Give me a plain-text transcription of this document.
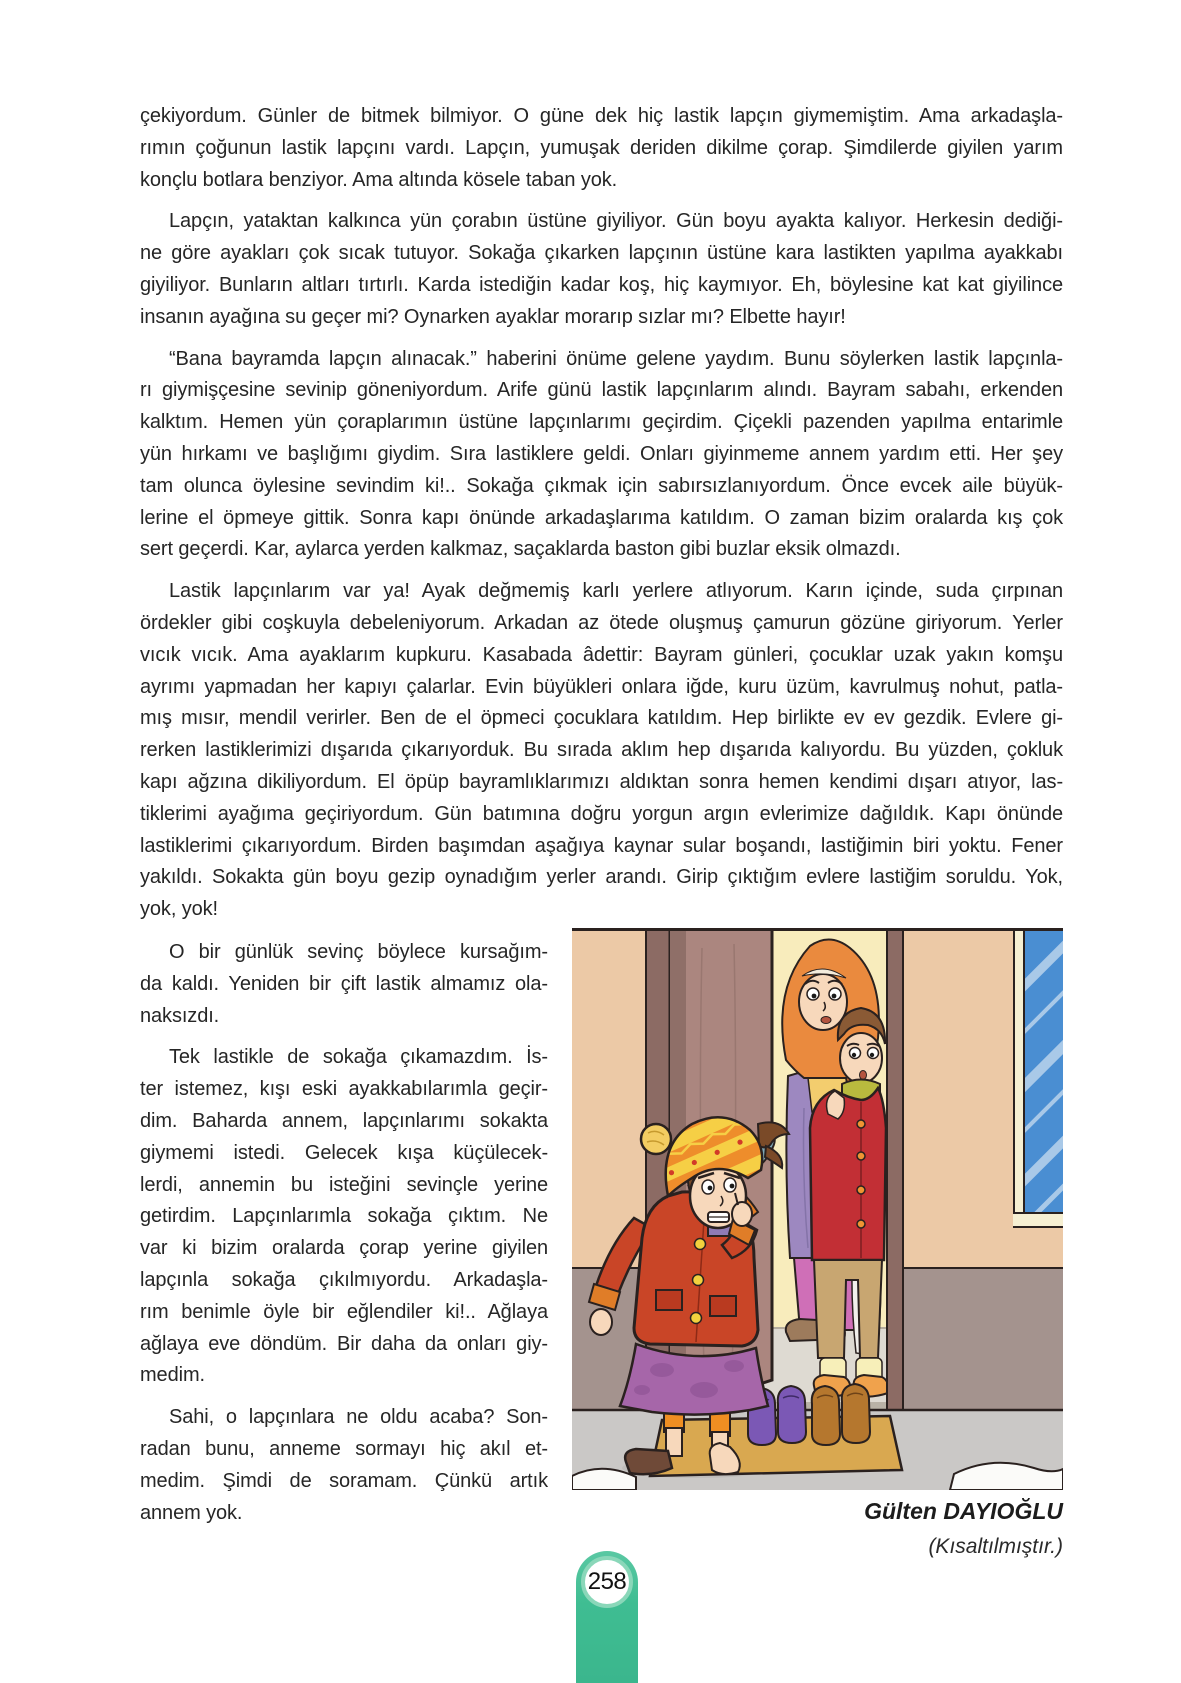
çekiyordum. Günler de bitmek bilmiyor. O güne dek hiç lastik lapçın giymemiştim. Ama arkadaşla-
rımın çoğunun lastik lapçını vardı. Lapçın, yumuşak deriden dikilme çorap. Şimdilerde giyilen yarım
konçlu botlara benziyor. Ama altında kösele taban yok.
Lapçın, yataktan kalkınca yün çorabın üstüne giyiliyor. Gün boyu ayakta kalıyor. Herkesin dediği-
ne göre ayakları çok sıcak tutuyor. Sokağa çıkarken lapçının üstüne kara lastikten yapılma ayakkabı
giyiliyor. Bunların altları tırtırlı. Karda istediğin kadar koş, hiç kaymıyor. Eh, böylesine kat kat giyilince
insanın ayağına su geçer mi? Oynarken ayaklar morarıp sızlar mı? Elbette hayır!
“Bana bayramda lapçın alınacak.” haberini önüme gelene yaydım. Bunu söylerken lastik lapçınla-
rı giymişçesine sevinip göneniyordum. Arife günü lastik lapçınlarım alındı. Bayram sabahı, erkenden
kalktım. Hemen yün çoraplarımın üstüne lapçınlarımı geçirdim. Çiçekli pazenden yapılma entarimle
yün hırkamı ve başlığımı giydim. Sıra lastiklere geldi. Onları giyinmeme annem yardım etti. Her şey
tam olunca öylesine sevindim ki!.. Sokağa çıkmak için sabırsızlanıyordum. Önce evcek aile büyük-
lerine el öpmeye gittik. Sonra kapı önünde arkadaşlarıma katıldım. O zaman bizim oralarda kış çok
sert geçerdi. Kar, aylarca yerden kalkmaz, saçaklarda baston gibi buzlar eksik olmazdı.
Lastik lapçınlarım var ya! Ayak değmemiş karlı yerlere atlıyorum. Karın içinde, suda çırpınan
ördekler gibi coşkuyla debeleniyorum. Arkadan az ötede oluşmuş çamurun gözüne giriyorum. Yerler
vıcık vıcık. Ama ayaklarım kupkuru. Kasabada âdettir: Bayram günleri, çocuklar uzak yakın komşu
ayrımı yapmadan her kapıyı çalarlar. Evin büyükleri onlara iğde, kuru üzüm, kavrulmuş nohut, patla-
mış mısır, mendil verirler. Ben de el öpmeci çocuklara katıldım. Hep birlikte ev ev gezdik. Evlere gi-
rerken lastiklerimizi dışarıda çıkarıyorduk. Bu sırada aklım hep dışarıda kalıyordu. Bu yüzden, çokluk
kapı ağzına dikiliyordum. El öpüp bayramlıklarımızı aldıktan sonra hemen kendimi dışarı atıyor, las-
tiklerimi ayağıma geçiriyordum. Gün batımına doğru yorgun argın evlerimize dağıldık. Kapı önünde
lastiklerimi çıkarıyordum. Birden başımdan aşağıya kaynar sular boşandı, lastiğimin biri yoktu. Fener
yakıldı. Sokakta gün boyu gezip oynadığım yerler arandı. Girip çıktığım evlere lastiğim soruldu. Yok,
yok, yok!
O bir günlük sevinç böylece kursağım-
da kaldı. Yeniden bir çift lastik almamız ola-
naksızdı.
Tek lastikle de sokağa çıkamazdım. İs-
ter istemez, kışı eski ayakkabılarımla geçir-
dim. Baharda annem, lapçınlarımı sokakta
giymemi istedi. Gelecek kışa küçülecek-
lerdi, annemin bu isteğini sevinçle yerine
getirdim. Lapçınlarımla sokağa çıktım. Ne
var ki bizim oralarda çorap yerine giyilen
lapçınla sokağa çıkılmıyordu. Arkadaşla-
rım benimle öyle bir eğlendiler ki!.. Ağlaya
ağlaya eve döndüm. Bir daha da onları giy-
medim.
Sahi, o lapçınlara ne oldu acaba? Son-
radan bunu, anneme sormayı hiç akıl et-
medim. Şimdi de soramam. Çünkü artık
annem yok.	Gülten DAYIOĞLU
(Kısaltılmıştır.)
258
